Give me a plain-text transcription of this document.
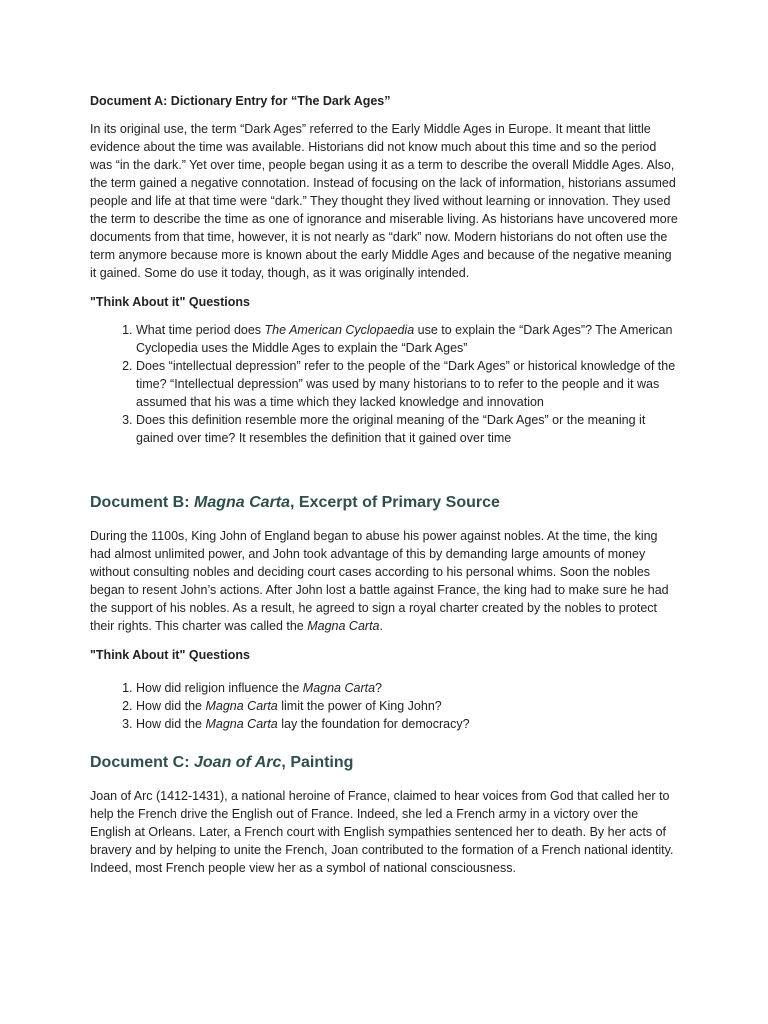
Document A: Dictionary Entry for “The Dark Ages”

In its original use, the term “Dark Ages” referred to the Early Middle Ages in Europe. It meant that little evidence about the time was available. Historians did not know much about this time and so the period was “in the dark.” Yet over time, people began using it as a term to describe the overall Middle Ages. Also, the term gained a negative connotation. Instead of focusing on the lack of information, historians assumed people and life at that time were “dark.” They thought they lived without learning or innovation. They used the term to describe the time as one of ignorance and miserable living. As historians have uncovered more documents from that time, however, it is not nearly as “dark” now. Modern historians do not often use the term anymore because more is known about the early Middle Ages and because of the negative meaning it gained. Some do use it today, though, as it was originally intended.

"Think About it" Questions

1. What time period does The American Cyclopaedia use to explain the “Dark Ages”? The American Cyclopedia uses the Middle Ages to explain the “Dark Ages”
2. Does “intellectual depression” refer to the people of the “Dark Ages” or historical knowledge of the time? “Intellectual depression” was used by many historians to to refer to the people and it was assumed that his was a time which they lacked knowledge and innovation
3. Does this definition resemble more the original meaning of the “Dark Ages” or the meaning it gained over time? It resembles the definition that it gained over time
Document B: Magna Carta, Excerpt of Primary Source

During the 1100s, King John of England began to abuse his power against nobles. At the time, the king had almost unlimited power, and John took advantage of this by demanding large amounts of money without consulting nobles and deciding court cases according to his personal whims. Soon the nobles began to resent John’s actions. After John lost a battle against France, the king had to make sure he had the support of his nobles. As a result, he agreed to sign a royal charter created by the nobles to protect their rights. This charter was called the Magna Carta.

"Think About it" Questions

1. How did religion influence the Magna Carta?
2. How did the Magna Carta limit the power of King John?
3. How did the Magna Carta lay the foundation for democracy?
Document C: Joan of Arc, Painting

Joan of Arc (1412-1431), a national heroine of France, claimed to hear voices from God that called her to help the French drive the English out of France. Indeed, she led a French army in a victory over the English at Orleans. Later, a French court with English sympathies sentenced her to death. By her acts of bravery and by helping to unite the French, Joan contributed to the formation of a French national identity. Indeed, most French people view her as a symbol of national consciousness.
